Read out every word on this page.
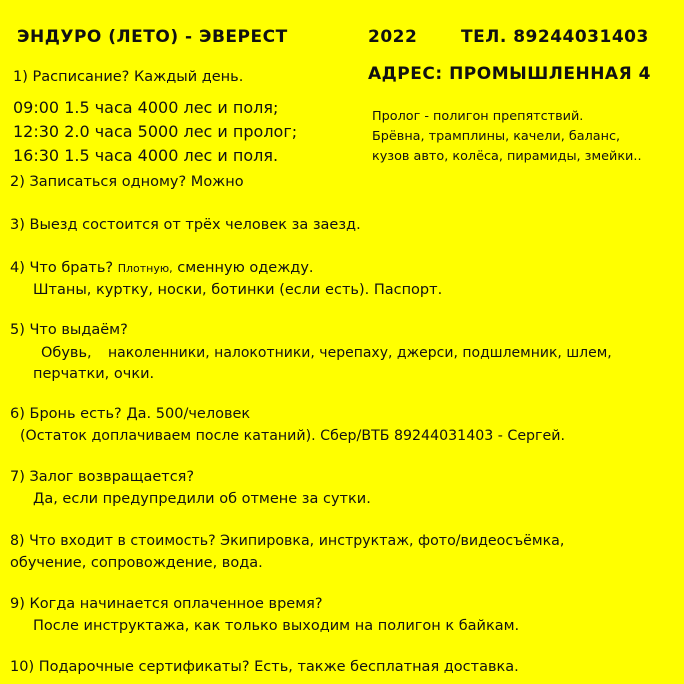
ЭНДУРО (ЛЕТО) - ЭВЕРЕСТ	2022	ТЕЛ. 89244031403
АДРЕС: ПРОМЫШЛЕННАЯ 4
1) Расписание? Каждый день.
09:00 1.5 часа 4000 лес и поля;
12:30 2.0 часа 5000 лес и пролог;
16:30 1.5 часа 4000 лес и поля.
Пролог - полигон препятствий.
Брёвна, трамплины, качели, баланс,
кузов авто, колёса, пирамиды, змейки..
2) Записаться одному? Можно
3) Выезд состоится от трёх человек за заезд.
4) Что брать? Плотную, сменную одежду.
Штаны, куртку, носки, ботинки (если есть). Паспорт.
5) Что выдаём?
Обувь, наколенники, налокотники, черепаху, джерси, подшлемник, шлем,
перчатки, очки.
6) Бронь есть? Да. 500/человек
(Остаток доплачиваем после катаний). Сбер/ВТБ 89244031403 - Сергей.
7) Залог возвращается?
Да, если предупредили об отмене за сутки.
8) Что входит в стоимость? Экипировка, инструктаж, фото/видеосъёмка,
обучение, сопровождение, вода.
9) Когда начинается оплаченное время?
После инструктажа, как только выходим на полигон к байкам.
10) Подарочные сертификаты? Есть, также бесплатная доставка.
